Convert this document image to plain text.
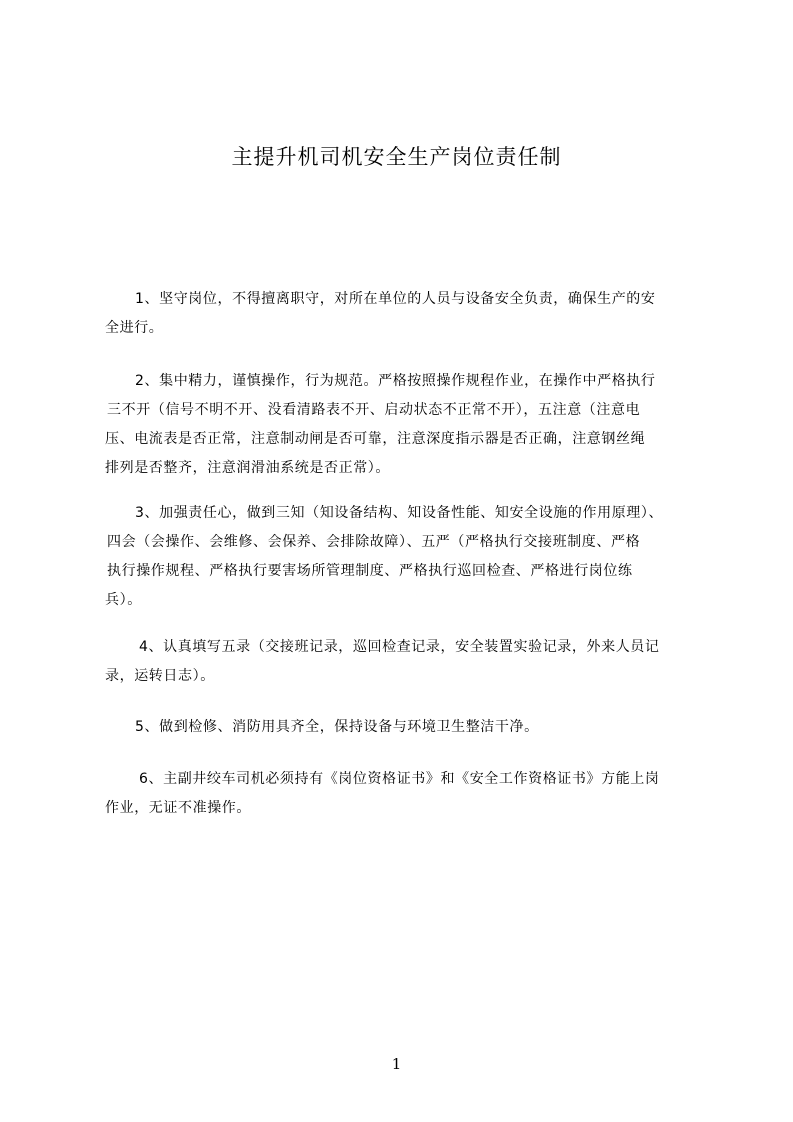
主提升机司机安全生产岗位责任制
1、坚守岗位，不得擅离职守，对所在单位的人员与设备安全负责，确保生产的安
全进行。
2、集中精力，谨慎操作，行为规范。严格按照操作规程作业，在操作中严格执行
三不开（信号不明不开、没看清路表不开、启动状态不正常不开），五注意（注意电
压、电流表是否正常，注意制动闸是否可靠，注意深度指示器是否正确，注意钢丝绳
排列是否整齐，注意润滑油系统是否正常）。
3、加强责任心，做到三知（知设备结构、知设备性能、知安全设施的作用原理）、
四会（会操作、会维修、会保养、会排除故障）、五严（严格执行交接班制度、严格
执行操作规程、严格执行要害场所管理制度、严格执行巡回检查、严格进行岗位练
兵）。
4、认真填写五录（交接班记录，巡回检查记录，安全装置实验记录，外来人员记
录，运转日志）。
5、做到检修、消防用具齐全，保持设备与环境卫生整洁干净。
6、主副井绞车司机必须持有《岗位资格证书》和《安全工作资格证书》方能上岗
作业，无证不准操作。
1
